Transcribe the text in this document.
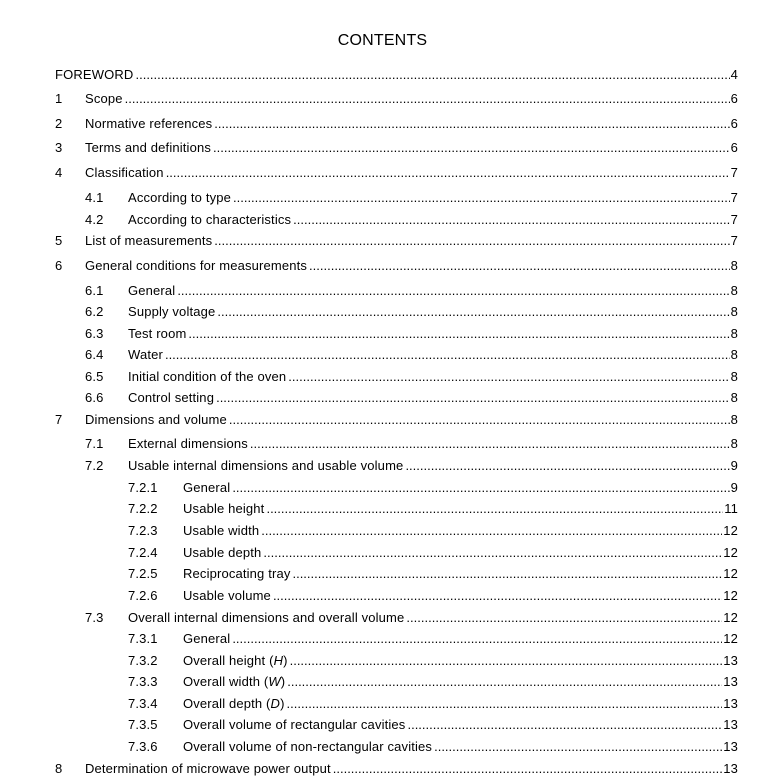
CONTENTS
FOREWORD .....	4
1 Scope .....	6
2 Normative references .....	6
3 Terms and definitions .....	6
4 Classification .....	7
4.1 According to type .....	7
4.2 According to characteristics .....	7
5 List of measurements .....	7
6 General conditions for measurements .....	8
6.1 General .....	8
6.2 Supply voltage .....	8
6.3 Test room .....	8
6.4 Water .....	8
6.5 Initial condition of the oven .....	8
6.6 Control setting .....	8
7 Dimensions and volume .....	8
7.1 External dimensions .....	8
7.2 Usable internal dimensions and usable volume .....	9
7.2.1 General .....	9
7.2.2 Usable height .....	11
7.2.3 Usable width .....	12
7.2.4 Usable depth .....	12
7.2.5 Reciprocating tray .....	12
7.2.6 Usable volume .....	12
7.3 Overall internal dimensions and overall volume .....	12
7.3.1 General .....	12
7.3.2 Overall height (H) .....	13
7.3.3 Overall width (W) .....	13
7.3.4 Overall depth (D) .....	13
7.3.5 Overall volume of rectangular cavities .....	13
7.3.6 Overall volume of non-rectangular cavities .....	13
8 Determination of microwave power output .....	13
